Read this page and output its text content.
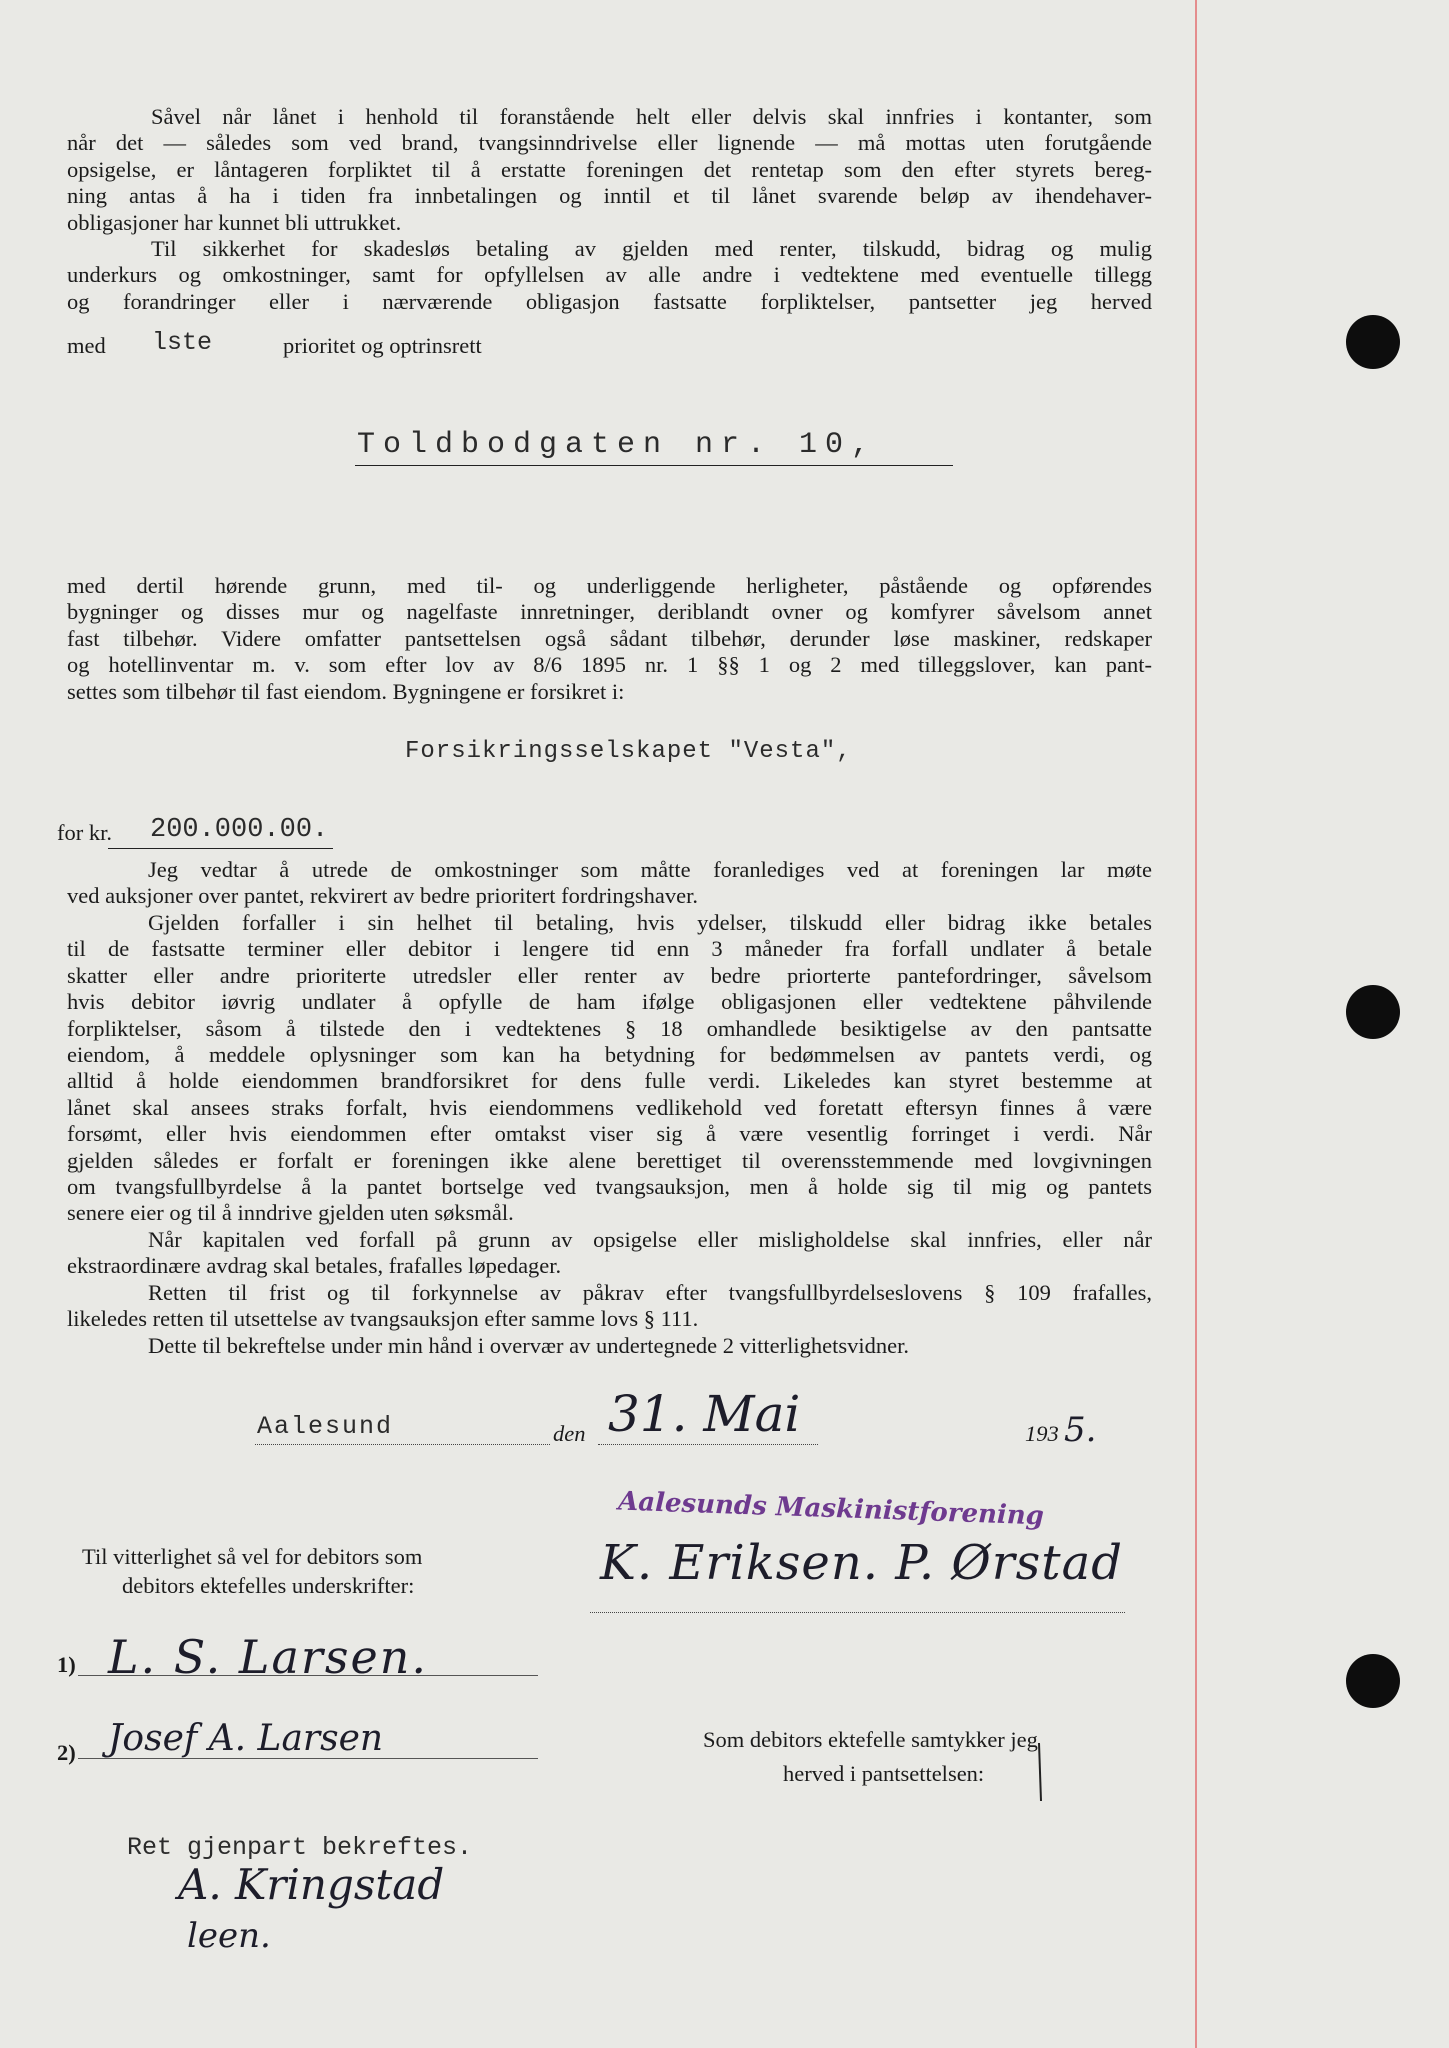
Såvel når lånet i henhold til foranstående helt eller delvis skal innfries i kontanter, som
når det — således som ved brand, tvangsinndrivelse eller lignende — må mottas uten forutgående
opsigelse, er låntageren forpliktet til å erstatte foreningen det rentetap som den efter styrets bereg-
ning antas å ha i tiden fra innbetalingen og inntil et til lånet svarende beløp av ihendehaver-
obligasjoner har kunnet bli uttrukket.
Til sikkerhet for skadesløs betaling av gjelden med renter, tilskudd, bidrag og mulig
underkurs og omkostninger, samt for opfyllelsen av alle andre i vedtektene med eventuelle tillegg
og forandringer eller i nærværende obligasjon fastsatte forpliktelser, pantsetter jeg herved
med lste	prioritet og optrinsrett
Toldbodgaten nr. 10,
med dertil hørende grunn, med til- og underliggende herligheter, påstående og opførendes
bygninger og disses mur og nagelfaste innretninger, deriblandt ovner og komfyrer såvelsom annet
fast tilbehør. Videre omfatter pantsettelsen også sådant tilbehør, derunder løse maskiner, redskaper
og hotellinventar m. v. som efter lov av 8/6 1895 nr. 1 §§ 1 og 2 med tilleggslover, kan pant-
settes som tilbehør til fast eiendom. Bygningene er forsikret i:
Forsikringsselskapet "Vesta",
for kr. 200.000.00.
Jeg vedtar å utrede de omkostninger som måtte foranlediges ved at foreningen lar møte
ved auksjoner over pantet, rekvirert av bedre prioritert fordringshaver.
Gjelden forfaller i sin helhet til betaling, hvis ydelser, tilskudd eller bidrag ikke betales
til de fastsatte terminer eller debitor i lengere tid enn 3 måneder fra forfall undlater å betale
skatter eller andre prioriterte utredsler eller renter av bedre priorterte pantefordringer, såvelsom
hvis debitor iøvrig undlater å opfylle de ham ifølge obligasjonen eller vedtektene påhvilende
forpliktelser, såsom å tilstede den i vedtektenes § 18 omhandlede besiktigelse av den pantsatte
eiendom, å meddele oplysninger som kan ha betydning for bedømmelsen av pantets verdi, og
alltid å holde eiendommen brandforsikret for dens fulle verdi. Likeledes kan styret bestemme at
lånet skal ansees straks forfalt, hvis eiendommens vedlikehold ved foretatt eftersyn finnes å være
forsømt, eller hvis eiendommen efter omtakst viser sig å være vesentlig forringet i verdi. Når
gjelden således er forfalt er foreningen ikke alene berettiget til overensstemmende med lovgivningen
om tvangsfullbyrdelse å la pantet bortselge ved tvangsauksjon, men å holde sig til mig og pantets
senere eier og til å inndrive gjelden uten søksmål.
Når kapitalen ved forfall på grunn av opsigelse eller misligholdelse skal innfries, eller når
ekstraordinære avdrag skal betales, frafalles løpedager.
Retten til frist og til forkynnelse av påkrav efter tvangsfullbyrdelseslovens § 109 frafalles,
likeledes retten til utsettelse av tvangsauksjon efter samme lovs § 111.
Dette til bekreftelse under min hånd i overvær av undertegnede 2 vitterlighetsvidner.
Aalesund	den 31. Mai	193 5.
Aalesunds Maskinistforening
K. Eriksen. P. Ørstad
Til vitterlighet så vel for debitors som
debitors ektefelles underskrifter:
1) L. S. Larsen.
2) Josef A. Larsen	Som debitors ektefelle samtykker jeg
herved i pantsettelsen:
Ret gjenpart bekreftes.
A. Kringstad
leen.
